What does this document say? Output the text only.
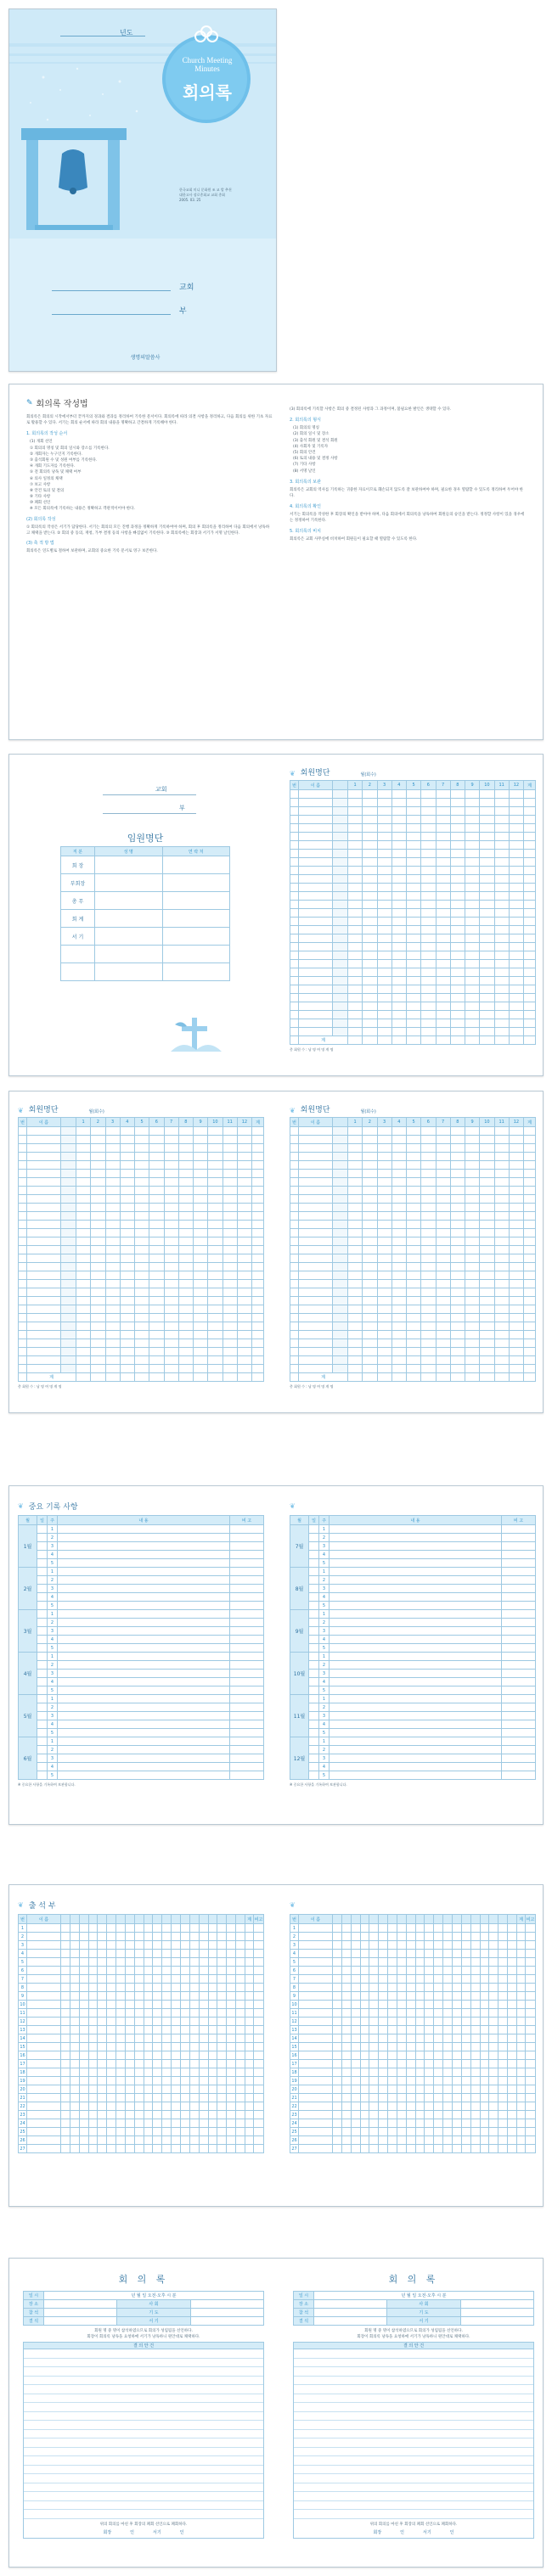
년도
Church Meeting Minutes
회의록
한국교회 미니 문화원 조 교 발 추천
대한고사 장로총회교 교회 총회
2005. 03. 25
교회
부
생명의말씀사
✎ 회의록 작성법

회의록은 회의의 시작에서부터 끝까지의 경과와 결과를 정리하여 기록한 문서이다. 회의록에 따라 의결 사항을 정리하고, 다음 회의를 위한 기초 자료로 활용할 수 있다. 서기는 회의 순서에 따라 회의 내용을 명확하고 간결하게 기록해야 한다.

1. 회의록의 작성 순서
(1) 개회 선언
① 회의의 명칭 및 회의 일시와 장소를 기록한다.
② 개회자는 누구인지 기록한다.
③ 출석회원 수 및 성원 여부를 기록한다.
④ 개회 기도자를 기록한다.
⑤ 전 회의록 낭독 및 채택 여부
⑥ 의사 일정의 채택
⑦ 보고 사항
⑧ 안건 토의 및 결의
⑨ 기타 사항
⑩ 폐회 선언
※ 모든 회의록에 기록하는 내용은 정확하고 객관적이어야 한다.
(2) 회의록 작성

① 회의록의 작성은 서기가 담당한다. 서기는 회의의 모든 진행 과정을 정확하게 기록하여야 하며, 회의 후 회의록을 정리하여 다음 회의에서 낭독하고 채택을 받는다. ② 회의 중 동의, 재청, 가부 결정 등의 사항을 빠짐없이 기록한다. ③ 회의록에는 회장과 서기가 서명 날인한다.

(3) 축 적 방 법

회의록은 연도별로 철하여 보관하며, 교회의 중요한 기록 문서로 영구 보존한다.

(3) 회의록에 기록할 사항은 회의 중 결정된 사항과 그 과정이며, 불필요한 발언은 생략할 수 있다.

2. 회의록의 형식
(1) 회의의 명칭
(2) 회의 일시 및 장소
(3) 출석 회원 및 결석 회원
(4) 사회자 및 기록자
(5) 회의 안건
(6) 토의 내용 및 결정 사항
(7) 기타 사항
(8) 서명 날인
3. 회의록의 보관

회의록은 교회의 역사를 기록하는 귀중한 자료이므로 훼손되지 않도록 잘 보관하여야 하며, 필요한 경우 열람할 수 있도록 정리하여 두어야 한다.

4. 회의록의 확인

서기는 회의록을 작성한 후 회장의 확인을 받아야 하며, 다음 회의에서 회의록을 낭독하여 회원들의 승인을 받는다. 정정할 사항이 있을 경우에는 정정하여 기록한다.

5. 회의록의 비치

회의록은 교회 사무실에 비치하여 회원들이 필요할 때 열람할 수 있도록 한다.

교회
부
임원명단
직 분	성 명	연 락 처
회 장		
부회장		
총 무		
회 계		
서 기		

❦ 회원명단	월(회수)
번	이 름		1	2	3	4	5	6	7	8	9	10	11	12	계

	계														
총 회원 수 : 남 명 여 명 계 명
❦ 회원명단	월(회수)
번	이 름		1	2	3	4	5	6	7	8	9	10	11	12	계

	계														
총 회원 수 : 남 명 여 명 계 명
❦ 회원명단	월(회수)
번	이 름		1	2	3	4	5	6	7	8	9	10	11	12	계

	계														
총 회원 수 : 남 명 여 명 계 명
❦ 중요 기록 사항
월	일	주	내 용	비 고
1월		1		
		2		
		3		
		4		
		5		
2월		1		
		2		
		3		
		4		
		5		
3월		1		
		2		
		3		
		4		
		5		
4월		1		
		2		
		3		
		4		
		5		
5월		1		
		2		
		3		
		4		
		5		
6월		1		
		2		
		3		
		4		
		5		
※ 중요한 사항을 기록하여 보관합니다.
❦
월	일	주	내 용	비 고
7월		1		
		2		
		3		
		4		
		5		
8월		1		
		2		
		3		
		4		
		5		
9월		1		
		2		
		3		
		4		
		5		
10월		1		
		2		
		3		
		4		
		5		
11월		1		
		2		
		3		
		4		
		5		
12월		1		
		2		
		3		
		4		
		5		
※ 중요한 사항을 기록하여 보관합니다.
❦ 출 석 부
번	이 름																					계	비고
1																							
2																							
3																							
4																							
5																							
6																							
7																							
8																							
9																							
10																							
11																							
12																							
13																							
14																							
15																							
16																							
17																							
18																							
19																							
20																							
21																							
22																							
23																							
24																							
25																							
26																							
27																							
❦
번	이 름																					계	비고
1																							
2																							
3																							
4																							
5																							
6																							
7																							
8																							
9																							
10																							
11																							
12																							
13																							
14																							
15																							
16																							
17																							
18																							
19																							
20																							
21																							
22																							
23																							
24																							
25																							
26																							
27																							
회 의 록
일 시	년 월 일 오전·오후 시 분		
장 소		사 회	
참 석		기 도	
결 석		서 기	
회원 명 중 명이 참석하였으므로 회의가 성립됨을 선언하다.
회장이 회의록 낭독을 요청하매 서기가 낭독하니 원안대로 채택하다.
결 의 안 건
위의 회의를 마친 후 회장의 폐회 선언으로 폐회하다.
회장	인	서기	인
회 의 록
일 시	년 월 일 오전·오후 시 분		
장 소		사 회	
참 석		기 도	
결 석		서 기	
회원 명 중 명이 참석하였으므로 회의가 성립됨을 선언하다.
회장이 회의록 낭독을 요청하매 서기가 낭독하니 원안대로 채택하다.
결 의 안 건
위의 회의를 마친 후 회장의 폐회 선언으로 폐회하다.
회장	인	서기	인
